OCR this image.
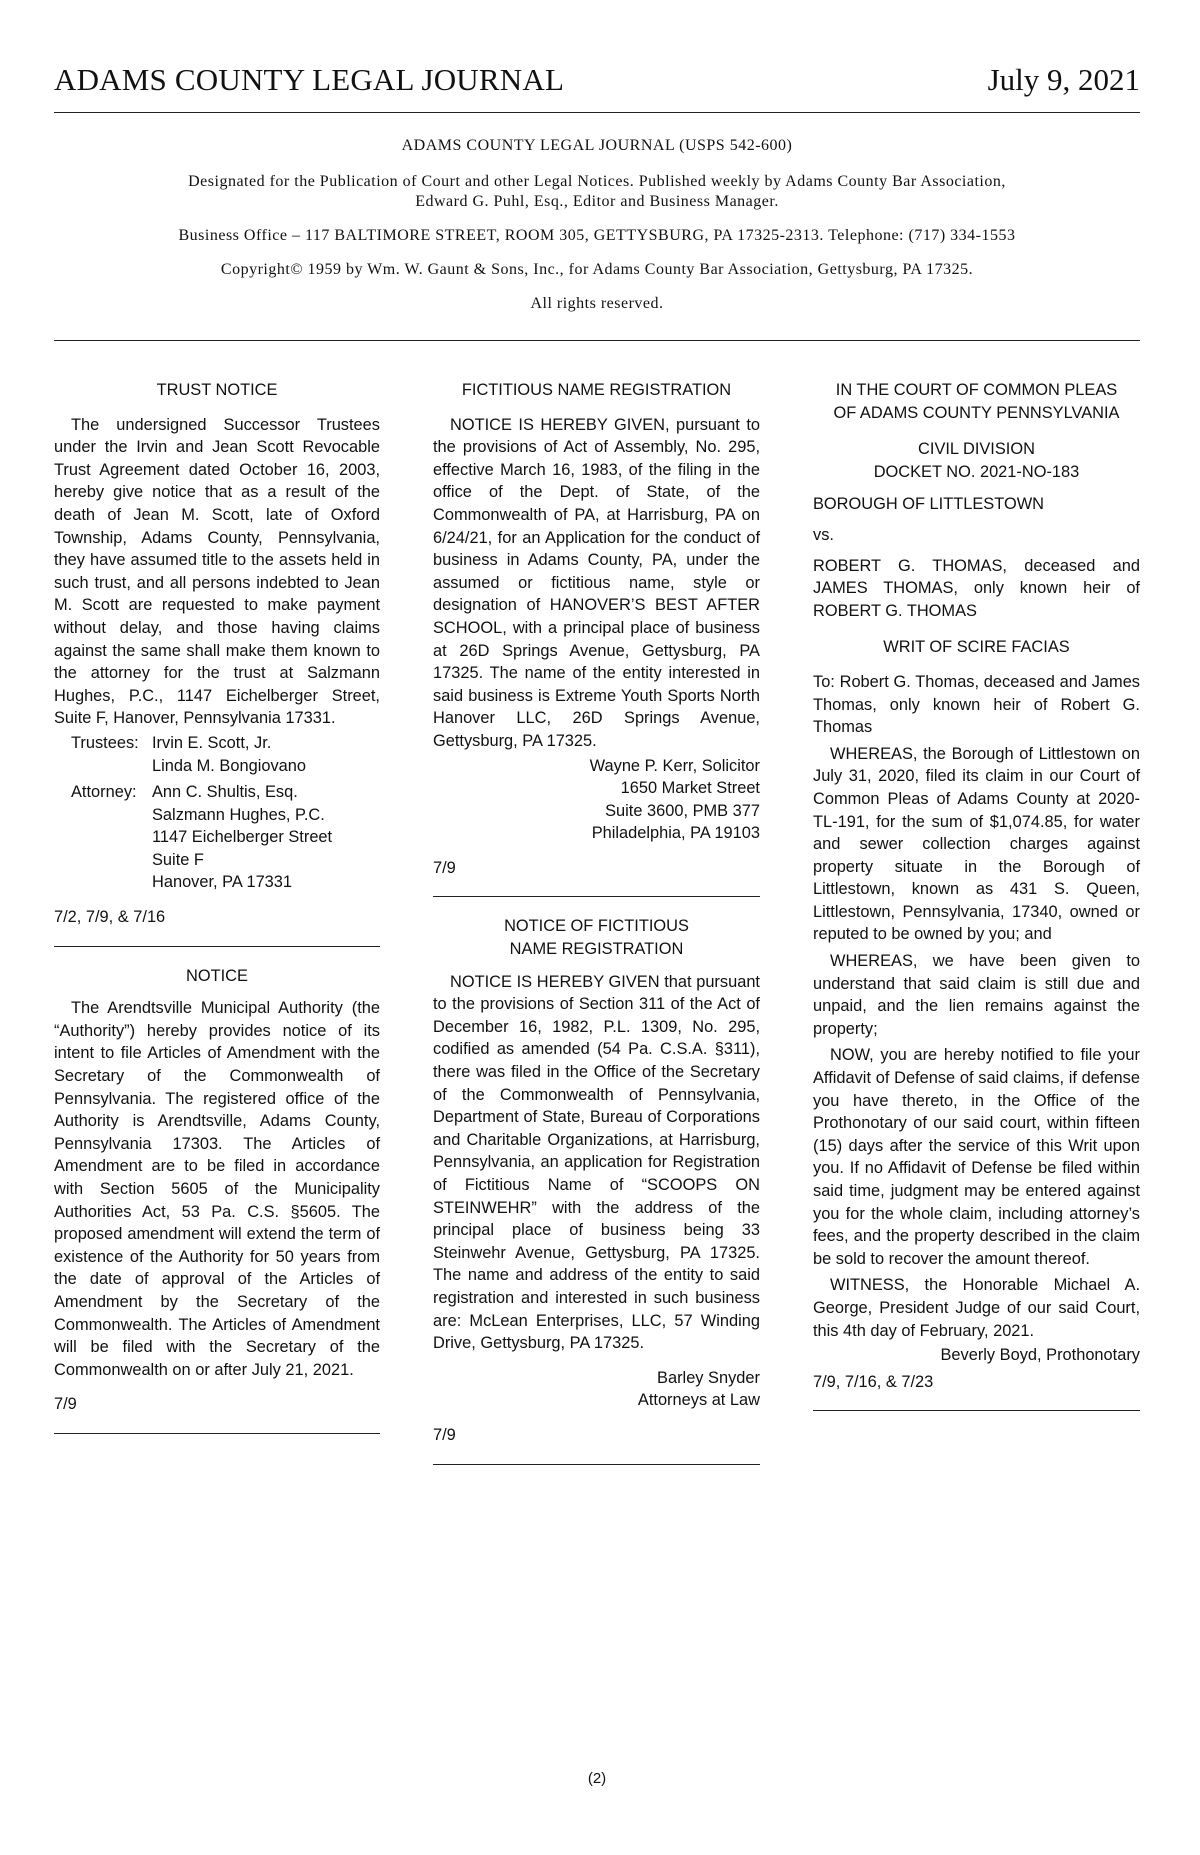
ADAMS COUNTY LEGAL JOURNAL	July 9, 2021

ADAMS COUNTY LEGAL JOURNAL (USPS 542-600)

Designated for the Publication of Court and other Legal Notices. Published weekly by Adams County Bar Association,
Edward G. Puhl, Esq., Editor and Business Manager.

Business Office – 117 BALTIMORE STREET, ROOM 305, GETTYSBURG, PA 17325-2313. Telephone: (717) 334-1553

Copyright© 1959 by Wm. W. Gaunt & Sons, Inc., for Adams County Bar Association, Gettysburg, PA 17325.

All rights reserved.

TRUST NOTICE

The undersigned Successor Trustees under the Irvin and Jean Scott Revocable Trust Agreement dated October 16, 2003, hereby give notice that as a result of the death of Jean M. Scott, late of Oxford Township, Adams County, Pennsylvania, they have assumed title to the assets held in such trust, and all persons indebted to Jean M. Scott are requested to make payment without delay, and those having claims against the same shall make them known to the attorney for the trust at Salzmann Hughes, P.C., 1147 Eichelberger Street, Suite F, Hanover, Pennsylvania 17331.

Trustees: Irvin E. Scott, Jr.
Linda M. Bongiovano
Attorney: Ann C. Shultis, Esq.
Salzmann Hughes, P.C.
1147 Eichelberger Street
Suite F
Hanover, PA 17331

7/2, 7/9, & 7/16

NOTICE

The Arendtsville Municipal Authority (the “Authority”) hereby provides notice of its intent to file Articles of Amendment with the Secretary of the Commonwealth of Pennsylvania. The registered office of the Authority is Arendtsville, Adams County, Pennsylvania 17303. The Articles of Amendment are to be filed in accordance with Section 5605 of the Municipality Authorities Act, 53 Pa. C.S. §5605. The proposed amendment will extend the term of existence of the Authority for 50 years from the date of approval of the Articles of Amendment by the Secretary of the Commonwealth. The Articles of Amendment will be filed with the Secretary of the Commonwealth on or after July 21, 2021.

7/9

FICTITIOUS NAME REGISTRATION

NOTICE IS HEREBY GIVEN, pursuant to the provisions of Act of Assembly, No. 295, effective March 16, 1983, of the filing in the office of the Dept. of State, of the Commonwealth of PA, at Harrisburg, PA on 6/24/21, for an Application for the conduct of business in Adams County, PA, under the assumed or fictitious name, style or designation of HANOVER’S BEST AFTER SCHOOL, with a principal place of business at 26D Springs Avenue, Gettysburg, PA 17325. The name of the entity interested in said business is Extreme Youth Sports North Hanover LLC, 26D Springs Avenue, Gettysburg, PA 17325.

Wayne P. Kerr, Solicitor

1650 Market Street

Suite 3600, PMB 377

Philadelphia, PA 19103

7/9

NOTICE OF FICTITIOUS
NAME REGISTRATION

NOTICE IS HEREBY GIVEN that pursuant to the provisions of Section 311 of the Act of December 16, 1982, P.L. 1309, No. 295, codified as amended (54 Pa. C.S.A. §311), there was filed in the Office of the Secretary of the Commonwealth of Pennsylvania, Department of State, Bureau of Corporations and Charitable Organizations, at Harrisburg, Pennsylvania, an application for Registration of Fictitious Name of “SCOOPS ON STEINWEHR” with the address of the principal place of business being 33 Steinwehr Avenue, Gettysburg, PA 17325. The name and address of the entity to said registration and interested in such business are: McLean Enterprises, LLC, 57 Winding Drive, Gettysburg, PA 17325.

Barley Snyder

Attorneys at Law

7/9

IN THE COURT OF COMMON PLEAS
OF ADAMS COUNTY PENNSYLVANIA
CIVIL DIVISION
DOCKET NO. 2021-NO-183

BOROUGH OF LITTLESTOWN

vs.

ROBERT G. THOMAS, deceased and JAMES THOMAS, only known heir of ROBERT G. THOMAS

WRIT OF SCIRE FACIAS

To: Robert G. Thomas, deceased and James Thomas, only known heir of Robert G. Thomas

WHEREAS, the Borough of Littlestown on July 31, 2020, filed its claim in our Court of Common Pleas of Adams County at 2020-TL-191, for the sum of $1,074.85, for water and sewer collection charges against property situate in the Borough of Littlestown, known as 431 S. Queen, Littlestown, Pennsylvania, 17340, owned or reputed to be owned by you; and

WHEREAS, we have been given to understand that said claim is still due and unpaid, and the lien remains against the property;

NOW, you are hereby notified to file your Affidavit of Defense of said claims, if defense you have thereto, in the Office of the Prothonotary of our said court, within fifteen (15) days after the service of this Writ upon you. If no Affidavit of Defense be filed within said time, judgment may be entered against you for the whole claim, including attorney’s fees, and the property described in the claim be sold to recover the amount thereof.

WITNESS, the Honorable Michael A. George, President Judge of our said Court, this 4th day of February, 2021.

Beverly Boyd, Prothonotary

7/9, 7/16, & 7/23

(2)
